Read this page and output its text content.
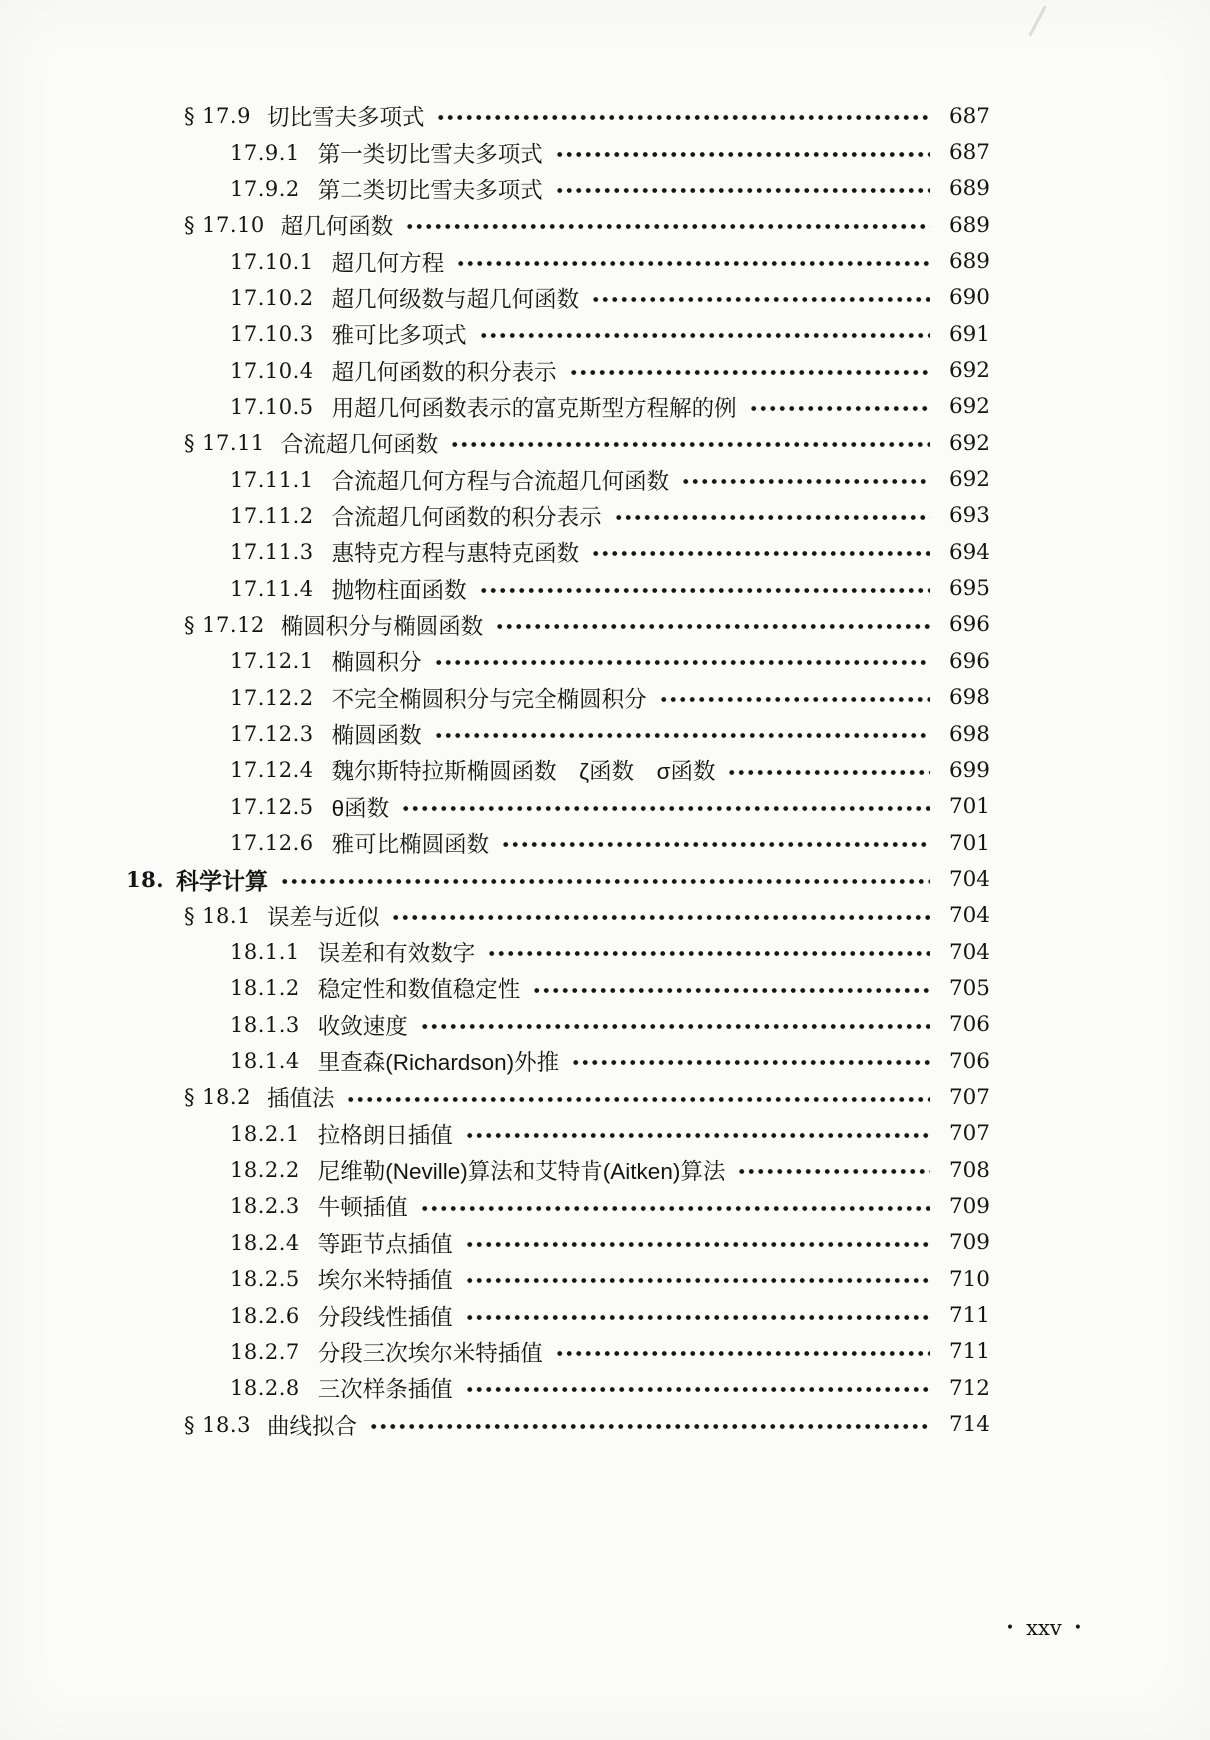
§ 17.9 切比雪夫多项式	687
17.9.1 第一类切比雪夫多项式	687
17.9.2 第二类切比雪夫多项式	689
§ 17.10 超几何函数	689
17.10.1 超几何方程	689
17.10.2 超几何级数与超几何函数	690
17.10.3 雅可比多项式	691
17.10.4 超几何函数的积分表示	692
17.10.5 用超几何函数表示的富克斯型方程解的例	692
§ 17.11 合流超几何函数	692
17.11.1 合流超几何方程与合流超几何函数	692
17.11.2 合流超几何函数的积分表示	693
17.11.3 惠特克方程与惠特克函数	694
17.11.4 抛物柱面函数	695
§ 17.12 椭圆积分与椭圆函数	696
17.12.1 椭圆积分	696
17.12.2 不完全椭圆积分与完全椭圆积分	698
17.12.3 椭圆函数	698
17.12.4 魏尔斯特拉斯椭圆函数　ζ函数　σ函数	699
17.12.5 θ函数	701
17.12.6 雅可比椭圆函数	701
18. 科学计算	704
§ 18.1 误差与近似	704
18.1.1 误差和有效数字	704
18.1.2 稳定性和数值稳定性	705
18.1.3 收敛速度	706
18.1.4 里查森(Richardson)外推	706
§ 18.2 插值法	707
18.2.1 拉格朗日插值	707
18.2.2 尼维勒(Neville)算法和艾特肯(Aitken)算法	708
18.2.3 牛顿插值	709
18.2.4 等距节点插值	709
18.2.5 埃尔米特插值	710
18.2.6 分段线性插值	711
18.2.7 分段三次埃尔米特插值	711
18.2.8 三次样条插值	712
§ 18.3 曲线拟合	714
• xxv •
